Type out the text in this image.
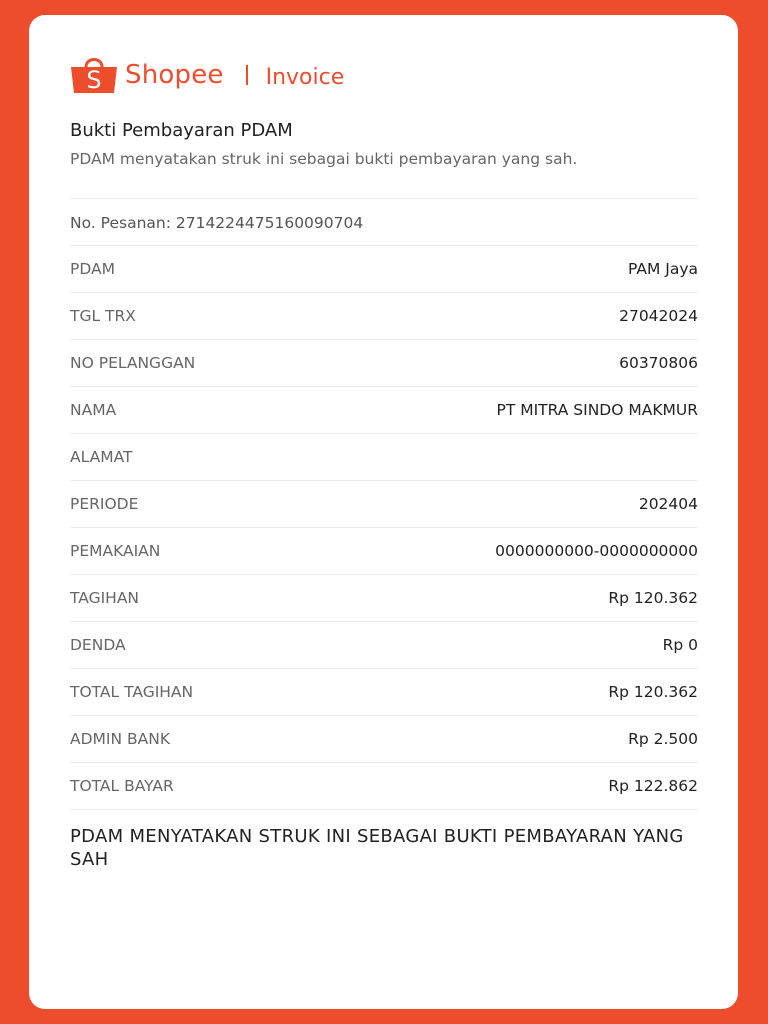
S Shopee Invoice
Bukti Pembayaran PDAM
PDAM menyatakan struk ini sebagai bukti pembayaran yang sah.
No. Pesanan: 2714224475160090704
PDAM	PAM Jaya
TGL TRX	27042024
NO PELANGGAN	60370806
NAMA	PT MITRA SINDO MAKMUR
ALAMAT
PERIODE	202404
PEMAKAIAN	0000000000-0000000000
TAGIHAN	Rp 120.362
DENDA	Rp 0
TOTAL TAGIHAN	Rp 120.362
ADMIN BANK	Rp 2.500
TOTAL BAYAR	Rp 122.862
PDAM MENYATAKAN STRUK INI SEBAGAI BUKTI PEMBAYARAN YANG SAH
